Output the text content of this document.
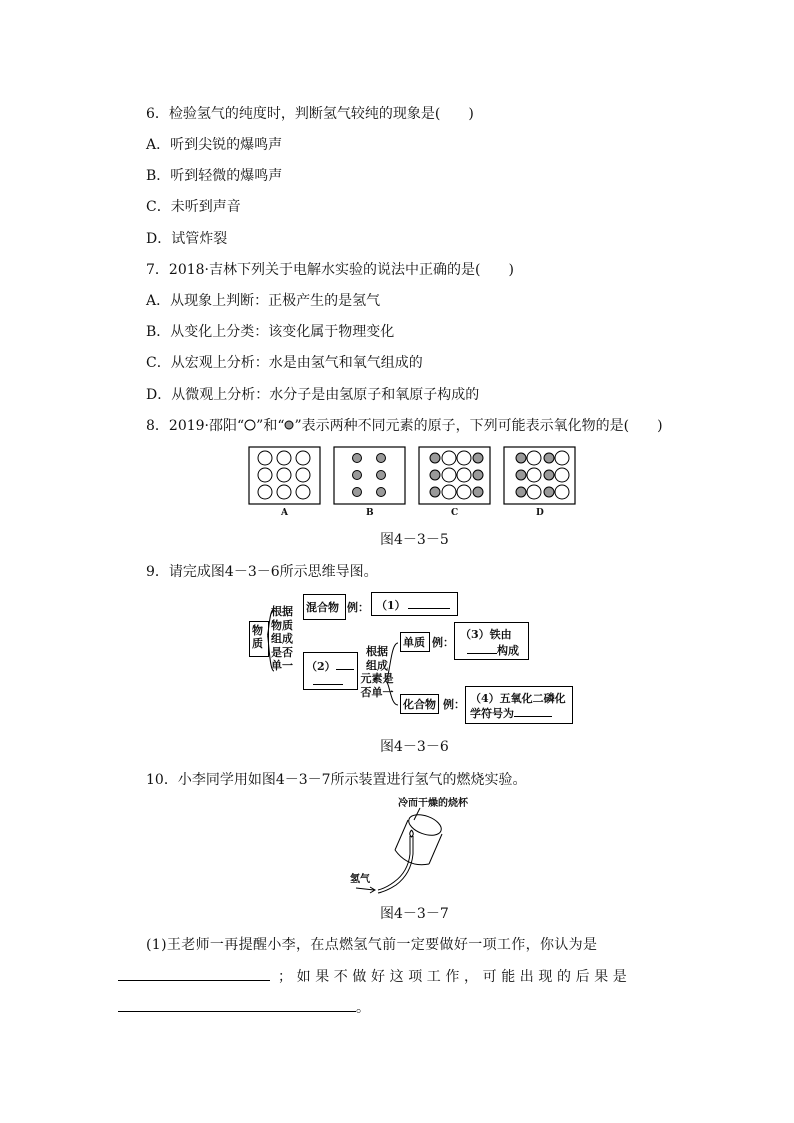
6．检验氢气的纯度时，判断氢气较纯的现象是(　　)
A．听到尖锐的爆鸣声
B．听到轻微的爆鸣声
C．未听到声音
D．试管炸裂
7．2018·吉林下列关于电解水实验的说法中正确的是(　　)
A．从现象上判断：正极产生的是氢气
B．从变化上分类：该变化属于物理变化
C．从宏观上分析：水是由氢气和氧气组成的
D．从微观上分析：水分子是由氢原子和氧原子构成的
8．2019·邵阳“ ”和“ ”表示两种不同元素的原子，下列可能表示氧化物的是(　　)
A	B	C	D
图4－3－5
9．请完成图4－3－6所示思维导图。
物
质
根据
物质
组成
是否
单一
混合物 例： （1）
（2）
根据
组成
元素是
否单一
单质 例：
（3）铁由
构成
化合物 例： （4）五氧化二磷化
学符号为
图4－3－6
10．小李同学用如图4－3－7所示装置进行氢气的燃烧实验。
冷而干燥的烧杯
氢气
图4－3－7
(1)王老师一再提醒小李，在点燃氢气前一定要做好一项工作，你认为是
；如果不做好这项工作，可能出现的后果是
。
